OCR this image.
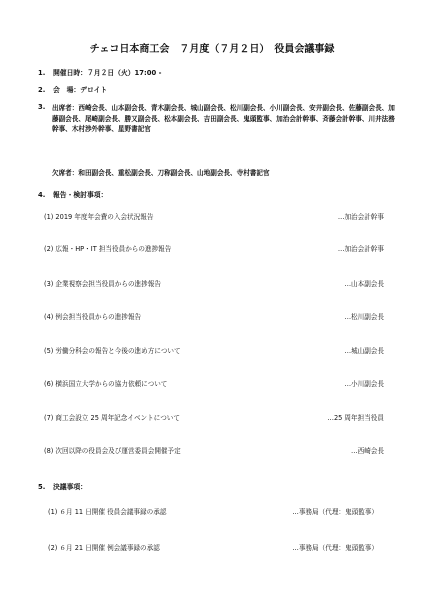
チェコ日本商工会　７月度（７月２日）　役員会議事録
1. 開催日時：７月２日（火）17:00 -
2. 会　場：デロイト
3.	出席者：西崎会長、山本副会長、青木副会長、城山副会長、松川副会長、小川副会長、安井副会長、佐藤副会長、加藤副会長、尾崎副会長、勝又副会長、松本副会長、吉田副会長、鬼頭監事、加治会計幹事、斉藤会計幹事、川井法務幹事、木村渉外幹事、星野書記官
欠席者：和田副会長、重松副会長、刀称副会長、山地副会長、寺村書記官
4. 報告・検討事項：
(1) 2019 年度年会費の入会状況報告	…加治会計幹事
(2) 広報・HP・IT 担当役員からの進捗報告	…加治会計幹事
(3) 企業視察会担当役員からの進捗報告	…山本副会長
(4) 例会担当役員からの進捗報告	…松川副会長
(5) 労働分科会の報告と今後の進め方について	…城山副会長
(6) 横浜国立大学からの協力依頼について	…小川副会長
(7) 商工会設立 25 周年記念イベントについて	…25 周年担当役員
(8) 次回以降の役員会及び運営委員会開催予定	…西崎会長
5. 決議事項：
(1) ６月 11 日開催 役員会議事録の承認	…事務局（代理：鬼頭監事）
(2) ６月 21 日開催 例会議事録の承認	…事務局（代理：鬼頭監事）
